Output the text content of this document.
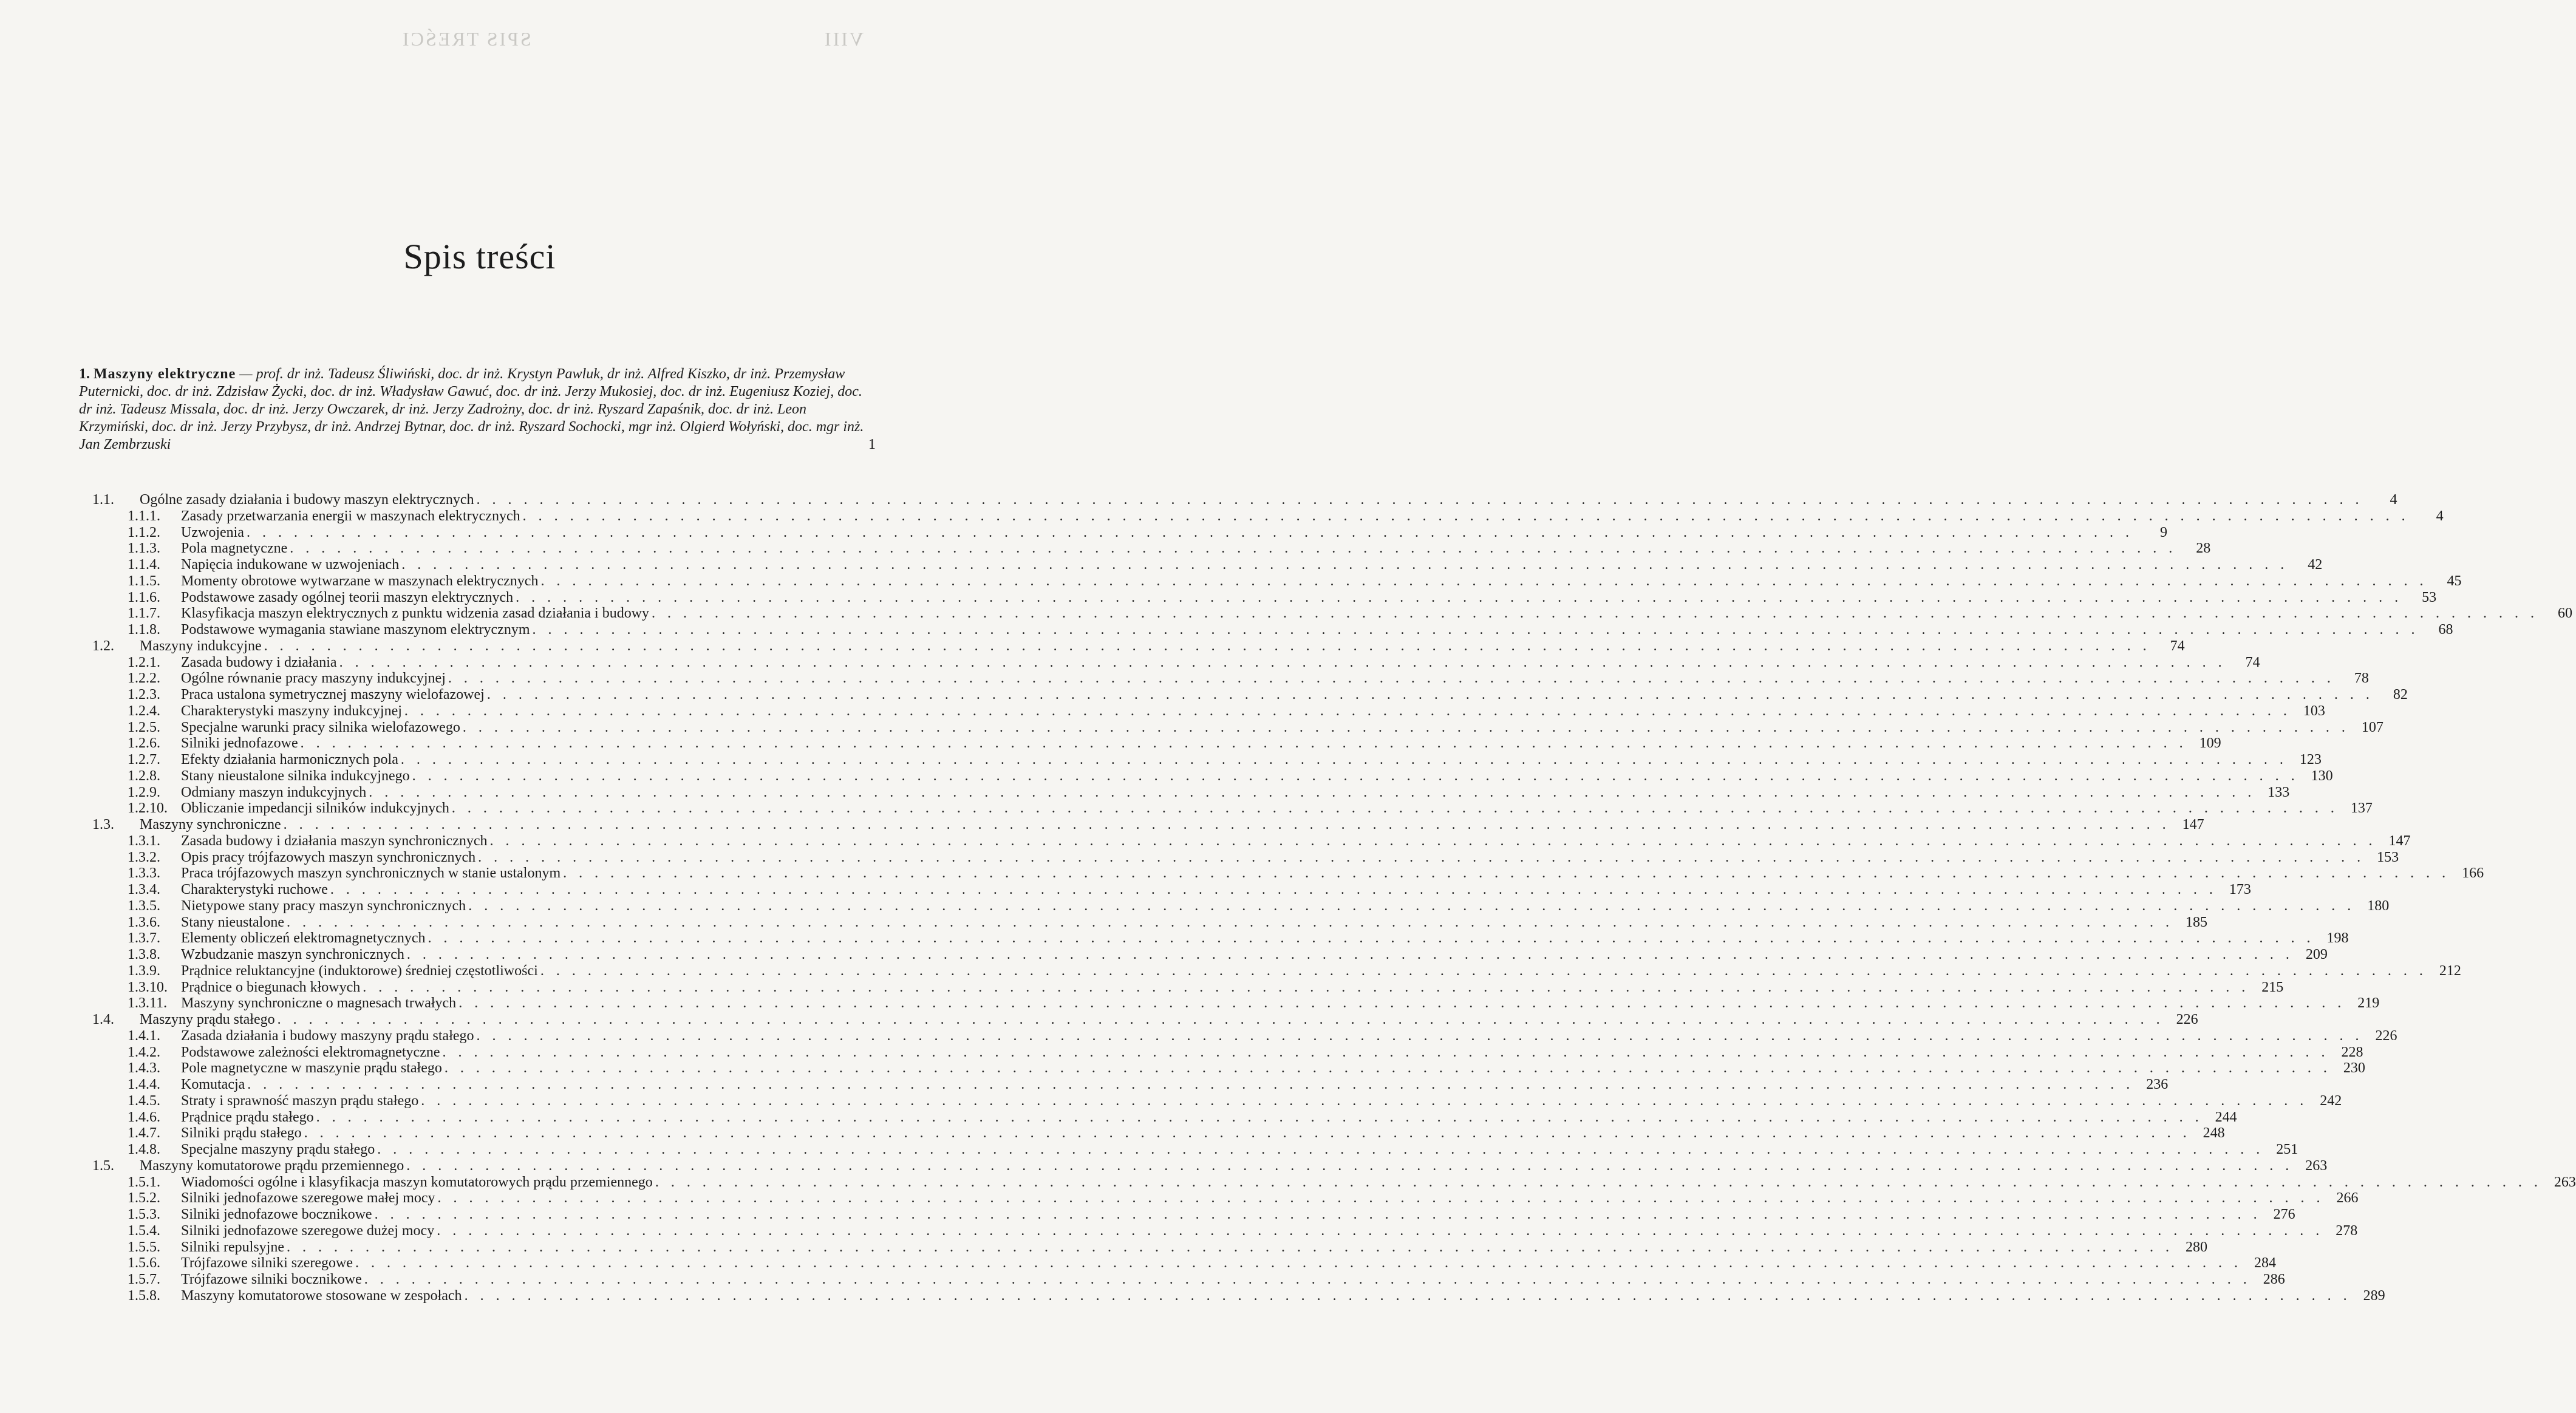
SPIS TREŚCI	VIII
Spis treści
1. Maszyny elektryczne — prof. dr inż. Tadeusz Śliwiński, doc. dr inż. Krystyn Pawluk, dr inż. Alfred Kiszko, dr inż. Przemysław Puternicki, doc. dr inż. Zdzisław Życki, doc. dr inż. Władysław Gawuć, doc. dr inż. Jerzy Mukosiej, doc. dr inż. Eugeniusz Koziej, doc. dr inż. Tadeusz Missala, doc. dr inż. Jerzy Owczarek, dr inż. Jerzy Zadrożny, doc. dr inż. Ryszard Zapaśnik, doc. dr inż. Leon Krzymiński, doc. dr inż. Jerzy Przybysz, dr inż. Andrzej Bytnar, doc. dr inż. Ryszard Sochocki, mgr inż. Olgierd Wołyński, doc. mgr inż. Jan Zembrzuski	1
1.1.	Ogólne zasady działania i budowy maszyn elektrycznych . . . . . . . . . . . . . . . . . . . . . . . . . . . . . . . . . . . . . . . . . . . . . . . . . . . . . . . . . . . . . . . . . . . . . . . . . . . . . . . . . . . . . . . . . . . . . . . . . . . . . . . . . . . . . . . . . . . . . . . .	4
1.1.1.	Zasady przetwarzania energii w maszynach elektrycznych . . . . . . . . . . . . . . . . . . . . . . . . . . . . . . . . . . . . . . . . . . . . . . . . . . . . . . . . . . . . . . . . . . . . . . . . . . . . . . . . . . . . . . . . . . . . . . . . . . . . . . . . . . . . . . . . . . . . . . . .	4
1.1.2.	Uzwojenia . . . . . . . . . . . . . . . . . . . . . . . . . . . . . . . . . . . . . . . . . . . . . . . . . . . . . . . . . . . . . . . . . . . . . . . . . . . . . . . . . . . . . . . . . . . . . . . . . . . . . . . . . . . . . . . . . . . . . . . .	9
1.1.3.	Pola magnetyczne . . . . . . . . . . . . . . . . . . . . . . . . . . . . . . . . . . . . . . . . . . . . . . . . . . . . . . . . . . . . . . . . . . . . . . . . . . . . . . . . . . . . . . . . . . . . . . . . . . . . . . . . . . . . . . . . . . . . . . . .	28
1.1.4.	Napięcia indukowane w uzwojeniach . . . . . . . . . . . . . . . . . . . . . . . . . . . . . . . . . . . . . . . . . . . . . . . . . . . . . . . . . . . . . . . . . . . . . . . . . . . . . . . . . . . . . . . . . . . . . . . . . . . . . . . . . . . . . . . . . . . . . . . .	42
1.1.5.	Momenty obrotowe wytwarzane w maszynach elektrycznych . . . . . . . . . . . . . . . . . . . . . . . . . . . . . . . . . . . . . . . . . . . . . . . . . . . . . . . . . . . . . . . . . . . . . . . . . . . . . . . . . . . . . . . . . . . . . . . . . . . . . . . . . . . . . . . . . . . . . . . .	45
1.1.6.	Podstawowe zasady ogólnej teorii maszyn elektrycznych . . . . . . . . . . . . . . . . . . . . . . . . . . . . . . . . . . . . . . . . . . . . . . . . . . . . . . . . . . . . . . . . . . . . . . . . . . . . . . . . . . . . . . . . . . . . . . . . . . . . . . . . . . . . . . . . . . . . . . . .	53
1.1.7.	Klasyfikacja maszyn elektrycznych z punktu widzenia zasad działania i budowy . . . . . . . . . . . . . . . . . . . . . . . . . . . . . . . . . . . . . . . . . . . . . . . . . . . . . . . . . . . . . . . . . . . . . . . . . . . . . . . . . . . . . . . . . . . . . . . . . . . . . . . . . . . . . . . . . . . . . . . .	60
1.1.8.	Podstawowe wymagania stawiane maszynom elektrycznym . . . . . . . . . . . . . . . . . . . . . . . . . . . . . . . . . . . . . . . . . . . . . . . . . . . . . . . . . . . . . . . . . . . . . . . . . . . . . . . . . . . . . . . . . . . . . . . . . . . . . . . . . . . . . . . . . . . . . . . .	68
1.2.	Maszyny indukcyjne . . . . . . . . . . . . . . . . . . . . . . . . . . . . . . . . . . . . . . . . . . . . . . . . . . . . . . . . . . . . . . . . . . . . . . . . . . . . . . . . . . . . . . . . . . . . . . . . . . . . . . . . . . . . . . . . . . . . . . . .	74
1.2.1.	Zasada budowy i działania . . . . . . . . . . . . . . . . . . . . . . . . . . . . . . . . . . . . . . . . . . . . . . . . . . . . . . . . . . . . . . . . . . . . . . . . . . . . . . . . . . . . . . . . . . . . . . . . . . . . . . . . . . . . . . . . . . . . . . . .	74
1.2.2.	Ogólne równanie pracy maszyny indukcyjnej . . . . . . . . . . . . . . . . . . . . . . . . . . . . . . . . . . . . . . . . . . . . . . . . . . . . . . . . . . . . . . . . . . . . . . . . . . . . . . . . . . . . . . . . . . . . . . . . . . . . . . . . . . . . . . . . . . . . . . . .	78
1.2.3.	Praca ustalona symetrycznej maszyny wielofazowej . . . . . . . . . . . . . . . . . . . . . . . . . . . . . . . . . . . . . . . . . . . . . . . . . . . . . . . . . . . . . . . . . . . . . . . . . . . . . . . . . . . . . . . . . . . . . . . . . . . . . . . . . . . . . . . . . . . . . . . .	82
1.2.4.	Charakterystyki maszyny indukcyjnej . . . . . . . . . . . . . . . . . . . . . . . . . . . . . . . . . . . . . . . . . . . . . . . . . . . . . . . . . . . . . . . . . . . . . . . . . . . . . . . . . . . . . . . . . . . . . . . . . . . . . . . . . . . . . . . . . . . . . . . . 103
1.2.5.	Specjalne warunki pracy silnika wielofazowego . . . . . . . . . . . . . . . . . . . . . . . . . . . . . . . . . . . . . . . . . . . . . . . . . . . . . . . . . . . . . . . . . . . . . . . . . . . . . . . . . . . . . . . . . . . . . . . . . . . . . . . . . . . . . . . . . . . . . . . . 107
1.2.6.	Silniki jednofazowe . . . . . . . . . . . . . . . . . . . . . . . . . . . . . . . . . . . . . . . . . . . . . . . . . . . . . . . . . . . . . . . . . . . . . . . . . . . . . . . . . . . . . . . . . . . . . . . . . . . . . . . . . . . . . . . . . . . . . . . . 109
1.2.7.	Efekty działania harmonicznych pola . . . . . . . . . . . . . . . . . . . . . . . . . . . . . . . . . . . . . . . . . . . . . . . . . . . . . . . . . . . . . . . . . . . . . . . . . . . . . . . . . . . . . . . . . . . . . . . . . . . . . . . . . . . . . . . . . . . . . . . . 123
1.2.8.	Stany nieustalone silnika indukcyjnego . . . . . . . . . . . . . . . . . . . . . . . . . . . . . . . . . . . . . . . . . . . . . . . . . . . . . . . . . . . . . . . . . . . . . . . . . . . . . . . . . . . . . . . . . . . . . . . . . . . . . . . . . . . . . . . . . . . . . . . . 130
1.2.9.	Odmiany maszyn indukcyjnych . . . . . . . . . . . . . . . . . . . . . . . . . . . . . . . . . . . . . . . . . . . . . . . . . . . . . . . . . . . . . . . . . . . . . . . . . . . . . . . . . . . . . . . . . . . . . . . . . . . . . . . . . . . . . . . . . . . . . . . . 133
1.2.10. Obliczanie impedancji silników indukcyjnych . . . . . . . . . . . . . . . . . . . . . . . . . . . . . . . . . . . . . . . . . . . . . . . . . . . . . . . . . . . . . . . . . . . . . . . . . . . . . . . . . . . . . . . . . . . . . . . . . . . . . . . . . . . . . . . . . . . . . . . . 137
1.3.	Maszyny synchroniczne . . . . . . . . . . . . . . . . . . . . . . . . . . . . . . . . . . . . . . . . . . . . . . . . . . . . . . . . . . . . . . . . . . . . . . . . . . . . . . . . . . . . . . . . . . . . . . . . . . . . . . . . . . . . . . . . . . . . . . . . 147
1.3.1.	Zasada budowy i działania maszyn synchronicznych . . . . . . . . . . . . . . . . . . . . . . . . . . . . . . . . . . . . . . . . . . . . . . . . . . . . . . . . . . . . . . . . . . . . . . . . . . . . . . . . . . . . . . . . . . . . . . . . . . . . . . . . . . . . . . . . . . . . . . . . 147
1.3.2.	Opis pracy trójfazowych maszyn synchronicznych . . . . . . . . . . . . . . . . . . . . . . . . . . . . . . . . . . . . . . . . . . . . . . . . . . . . . . . . . . . . . . . . . . . . . . . . . . . . . . . . . . . . . . . . . . . . . . . . . . . . . . . . . . . . . . . . . . . . . . . . 153
1.3.3.	Praca trójfazowych maszyn synchronicznych w stanie ustalonym . . . . . . . . . . . . . . . . . . . . . . . . . . . . . . . . . . . . . . . . . . . . . . . . . . . . . . . . . . . . . . . . . . . . . . . . . . . . . . . . . . . . . . . . . . . . . . . . . . . . . . . . . . . . . . . . . . . . . . . . 166
1.3.4.	Charakterystyki ruchowe . . . . . . . . . . . . . . . . . . . . . . . . . . . . . . . . . . . . . . . . . . . . . . . . . . . . . . . . . . . . . . . . . . . . . . . . . . . . . . . . . . . . . . . . . . . . . . . . . . . . . . . . . . . . . . . . . . . . . . . . 173
1.3.5.	Nietypowe stany pracy maszyn synchronicznych . . . . . . . . . . . . . . . . . . . . . . . . . . . . . . . . . . . . . . . . . . . . . . . . . . . . . . . . . . . . . . . . . . . . . . . . . . . . . . . . . . . . . . . . . . . . . . . . . . . . . . . . . . . . . . . . . . . . . . . . 180
1.3.6.	Stany nieustalone . . . . . . . . . . . . . . . . . . . . . . . . . . . . . . . . . . . . . . . . . . . . . . . . . . . . . . . . . . . . . . . . . . . . . . . . . . . . . . . . . . . . . . . . . . . . . . . . . . . . . . . . . . . . . . . . . . . . . . . . 185
1.3.7.	Elementy obliczeń elektromagnetycznych . . . . . . . . . . . . . . . . . . . . . . . . . . . . . . . . . . . . . . . . . . . . . . . . . . . . . . . . . . . . . . . . . . . . . . . . . . . . . . . . . . . . . . . . . . . . . . . . . . . . . . . . . . . . . . . . . . . . . . . . 198
1.3.8.	Wzbudzanie maszyn synchronicznych . . . . . . . . . . . . . . . . . . . . . . . . . . . . . . . . . . . . . . . . . . . . . . . . . . . . . . . . . . . . . . . . . . . . . . . . . . . . . . . . . . . . . . . . . . . . . . . . . . . . . . . . . . . . . . . . . . . . . . . . 209
1.3.9.	Prądnice reluktancyjne (induktorowe) średniej częstotliwości . . . . . . . . . . . . . . . . . . . . . . . . . . . . . . . . . . . . . . . . . . . . . . . . . . . . . . . . . . . . . . . . . . . . . . . . . . . . . . . . . . . . . . . . . . . . . . . . . . . . . . . . . . . . . . . . . . . . . . . . 212
1.3.10. Prądnice o biegunach kłowych . . . . . . . . . . . . . . . . . . . . . . . . . . . . . . . . . . . . . . . . . . . . . . . . . . . . . . . . . . . . . . . . . . . . . . . . . . . . . . . . . . . . . . . . . . . . . . . . . . . . . . . . . . . . . . . . . . . . . . . . 215
1.3.11. Maszyny synchroniczne o magnesach trwałych . . . . . . . . . . . . . . . . . . . . . . . . . . . . . . . . . . . . . . . . . . . . . . . . . . . . . . . . . . . . . . . . . . . . . . . . . . . . . . . . . . . . . . . . . . . . . . . . . . . . . . . . . . . . . . . . . . . . . . . . 219
1.4.	Maszyny prądu stałego . . . . . . . . . . . . . . . . . . . . . . . . . . . . . . . . . . . . . . . . . . . . . . . . . . . . . . . . . . . . . . . . . . . . . . . . . . . . . . . . . . . . . . . . . . . . . . . . . . . . . . . . . . . . . . . . . . . . . . . . 226
1.4.1.	Zasada działania i budowy maszyny prądu stałego . . . . . . . . . . . . . . . . . . . . . . . . . . . . . . . . . . . . . . . . . . . . . . . . . . . . . . . . . . . . . . . . . . . . . . . . . . . . . . . . . . . . . . . . . . . . . . . . . . . . . . . . . . . . . . . . . . . . . . . . 226
1.4.2.	Podstawowe zależności elektromagnetyczne . . . . . . . . . . . . . . . . . . . . . . . . . . . . . . . . . . . . . . . . . . . . . . . . . . . . . . . . . . . . . . . . . . . . . . . . . . . . . . . . . . . . . . . . . . . . . . . . . . . . . . . . . . . . . . . . . . . . . . . . 228
1.4.3.	Pole magnetyczne w maszynie prądu stałego . . . . . . . . . . . . . . . . . . . . . . . . . . . . . . . . . . . . . . . . . . . . . . . . . . . . . . . . . . . . . . . . . . . . . . . . . . . . . . . . . . . . . . . . . . . . . . . . . . . . . . . . . . . . . . . . . . . . . . . . 230
1.4.4.	Komutacja . . . . . . . . . . . . . . . . . . . . . . . . . . . . . . . . . . . . . . . . . . . . . . . . . . . . . . . . . . . . . . . . . . . . . . . . . . . . . . . . . . . . . . . . . . . . . . . . . . . . . . . . . . . . . . . . . . . . . . . . 236
1.4.5.	Straty i sprawność maszyn prądu stałego . . . . . . . . . . . . . . . . . . . . . . . . . . . . . . . . . . . . . . . . . . . . . . . . . . . . . . . . . . . . . . . . . . . . . . . . . . . . . . . . . . . . . . . . . . . . . . . . . . . . . . . . . . . . . . . . . . . . . . . . 242
1.4.6.	Prądnice prądu stałego . . . . . . . . . . . . . . . . . . . . . . . . . . . . . . . . . . . . . . . . . . . . . . . . . . . . . . . . . . . . . . . . . . . . . . . . . . . . . . . . . . . . . . . . . . . . . . . . . . . . . . . . . . . . . . . . . . . . . . . . 244
1.4.7.	Silniki prądu stałego . . . . . . . . . . . . . . . . . . . . . . . . . . . . . . . . . . . . . . . . . . . . . . . . . . . . . . . . . . . . . . . . . . . . . . . . . . . . . . . . . . . . . . . . . . . . . . . . . . . . . . . . . . . . . . . . . . . . . . . . 248
1.4.8.	Specjalne maszyny prądu stałego . . . . . . . . . . . . . . . . . . . . . . . . . . . . . . . . . . . . . . . . . . . . . . . . . . . . . . . . . . . . . . . . . . . . . . . . . . . . . . . . . . . . . . . . . . . . . . . . . . . . . . . . . . . . . . . . . . . . . . . . 251
1.5.	Maszyny komutatorowe prądu przemiennego . . . . . . . . . . . . . . . . . . . . . . . . . . . . . . . . . . . . . . . . . . . . . . . . . . . . . . . . . . . . . . . . . . . . . . . . . . . . . . . . . . . . . . . . . . . . . . . . . . . . . . . . . . . . . . . . . . . . . . . . 263
1.5.1.	Wiadomości ogólne i klasyfikacja maszyn komutatorowych prądu przemiennego . . . . . . . . . . . . . . . . . . . . . . . . . . . . . . . . . . . . . . . . . . . . . . . . . . . . . . . . . . . . . . . . . . . . . . . . . . . . . . . . . . . . . . . . . . . . . . . . . . . . . . . . . . . . . . . . . . . . . . . . 263
1.5.2.	Silniki jednofazowe szeregowe małej mocy . . . . . . . . . . . . . . . . . . . . . . . . . . . . . . . . . . . . . . . . . . . . . . . . . . . . . . . . . . . . . . . . . . . . . . . . . . . . . . . . . . . . . . . . . . . . . . . . . . . . . . . . . . . . . . . . . . . . . . . . 266
1.5.3.	Silniki jednofazowe bocznikowe . . . . . . . . . . . . . . . . . . . . . . . . . . . . . . . . . . . . . . . . . . . . . . . . . . . . . . . . . . . . . . . . . . . . . . . . . . . . . . . . . . . . . . . . . . . . . . . . . . . . . . . . . . . . . . . . . . . . . . . . 276
1.5.4.	Silniki jednofazowe szeregowe dużej mocy . . . . . . . . . . . . . . . . . . . . . . . . . . . . . . . . . . . . . . . . . . . . . . . . . . . . . . . . . . . . . . . . . . . . . . . . . . . . . . . . . . . . . . . . . . . . . . . . . . . . . . . . . . . . . . . . . . . . . . . . 278
1.5.5.	Silniki repulsyjne . . . . . . . . . . . . . . . . . . . . . . . . . . . . . . . . . . . . . . . . . . . . . . . . . . . . . . . . . . . . . . . . . . . . . . . . . . . . . . . . . . . . . . . . . . . . . . . . . . . . . . . . . . . . . . . . . . . . . . . . 280
1.5.6.	Trójfazowe silniki szeregowe . . . . . . . . . . . . . . . . . . . . . . . . . . . . . . . . . . . . . . . . . . . . . . . . . . . . . . . . . . . . . . . . . . . . . . . . . . . . . . . . . . . . . . . . . . . . . . . . . . . . . . . . . . . . . . . . . . . . . . . . 284
1.5.7.	Trójfazowe silniki bocznikowe . . . . . . . . . . . . . . . . . . . . . . . . . . . . . . . . . . . . . . . . . . . . . . . . . . . . . . . . . . . . . . . . . . . . . . . . . . . . . . . . . . . . . . . . . . . . . . . . . . . . . . . . . . . . . . . . . . . . . . . . 286
1.5.8.	Maszyny komutatorowe stosowane w zespołach . . . . . . . . . . . . . . . . . . . . . . . . . . . . . . . . . . . . . . . . . . . . . . . . . . . . . . . . . . . . . . . . . . . . . . . . . . . . . . . . . . . . . . . . . . . . . . . . . . . . . . . . . . . . . . . . . . . . . . . . 289
